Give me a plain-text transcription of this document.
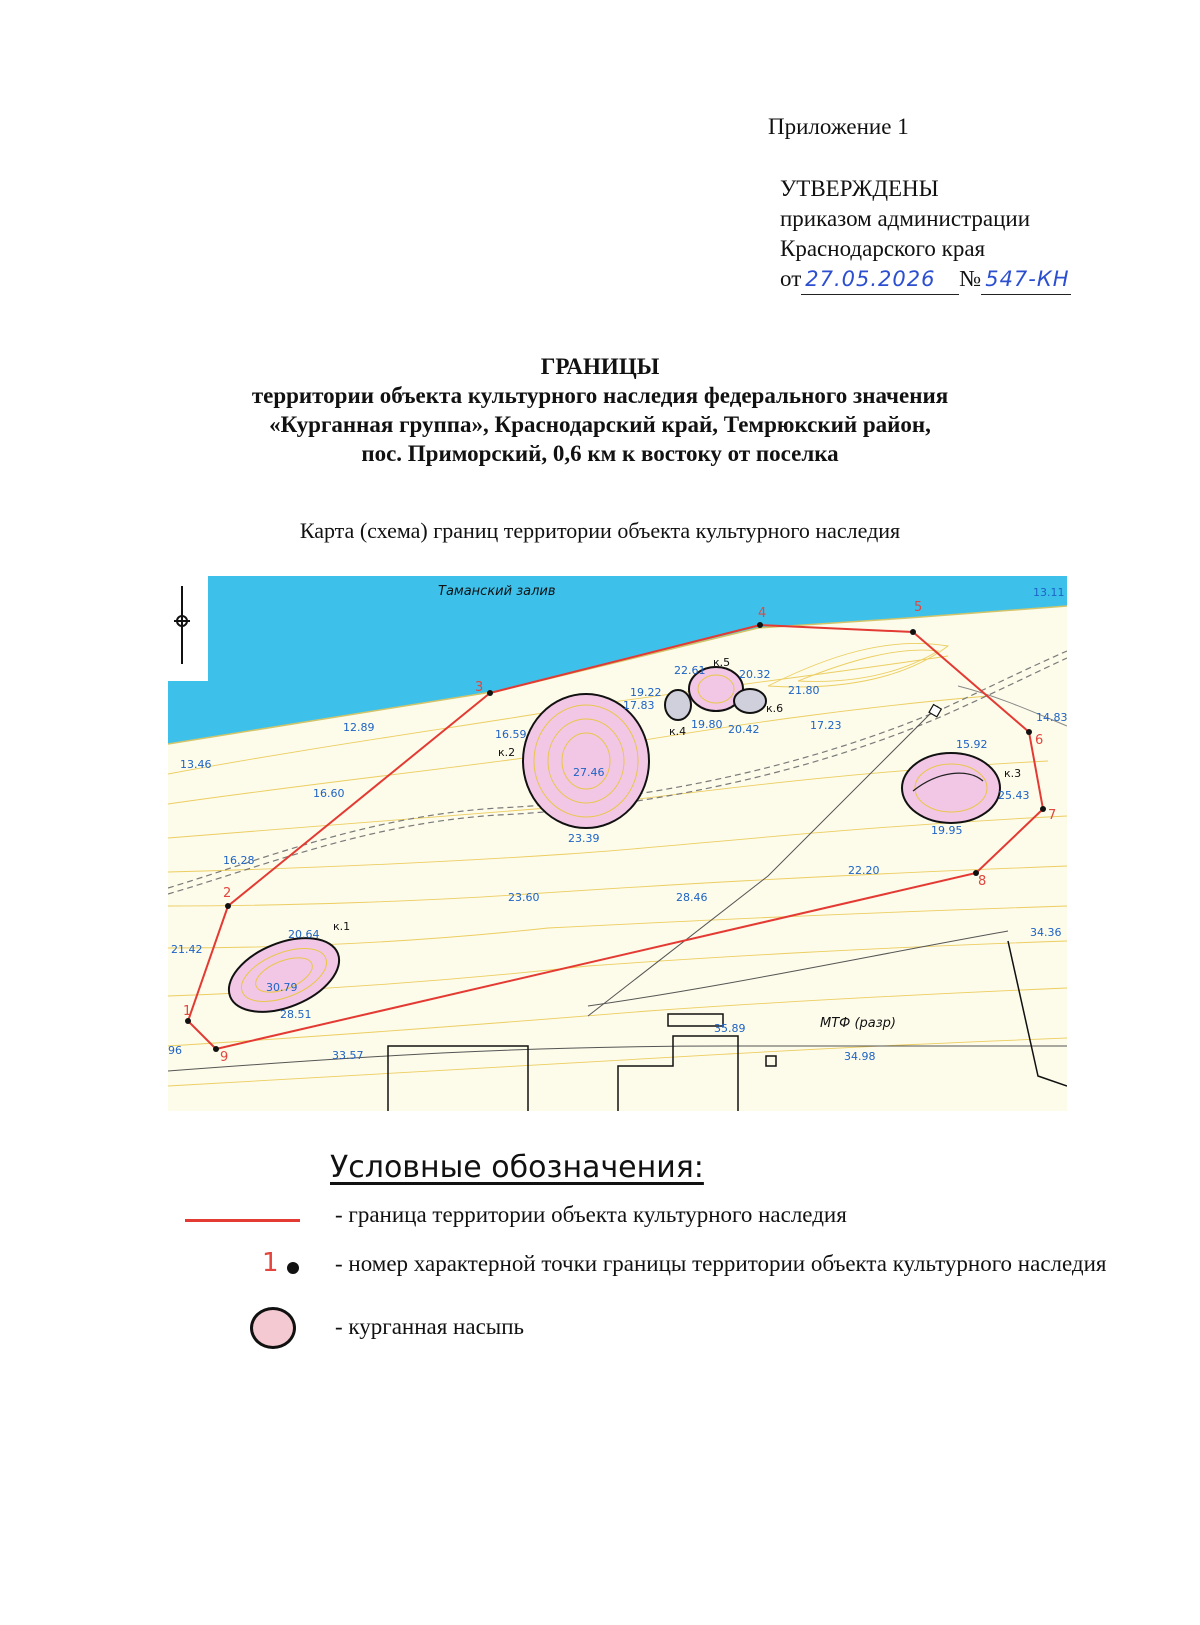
Приложение 1
УТВЕРЖДЕНЫ
приказом администрации
Краснодарского края
от 27.05.2026 № 547-КН
ГРАНИЦЫ
территории объекта культурного наследия федерального значения
«Курганная группа», Краснодарский край, Темрюкский район,
пос. Приморский, 0,6 км к востоку от поселка
Карта (схема) границ территории объекта культурного наследия
Таманский залив
МТФ (разр)
1
2
3
4	5
6
7
8
9
к.1
к.2
к.3
к.4
к.5
к.6
13.11
12.89
13.46
16.59
16.60
16.28
17.83
19.22
22.61	20.32
21.80
19.80 20.42	17.23
14.83
15.92
25.43
19.95
27.46
23.39
23.60	28.46
22.20
34.36
21.42
20.64
30.79
28.51
33.57
35.89
34.98
96
Условные обозначения:
- граница территории объекта культурного наследия
1 - номер характерной точки границы территории объекта культурного наследия
- курганная насыпь
